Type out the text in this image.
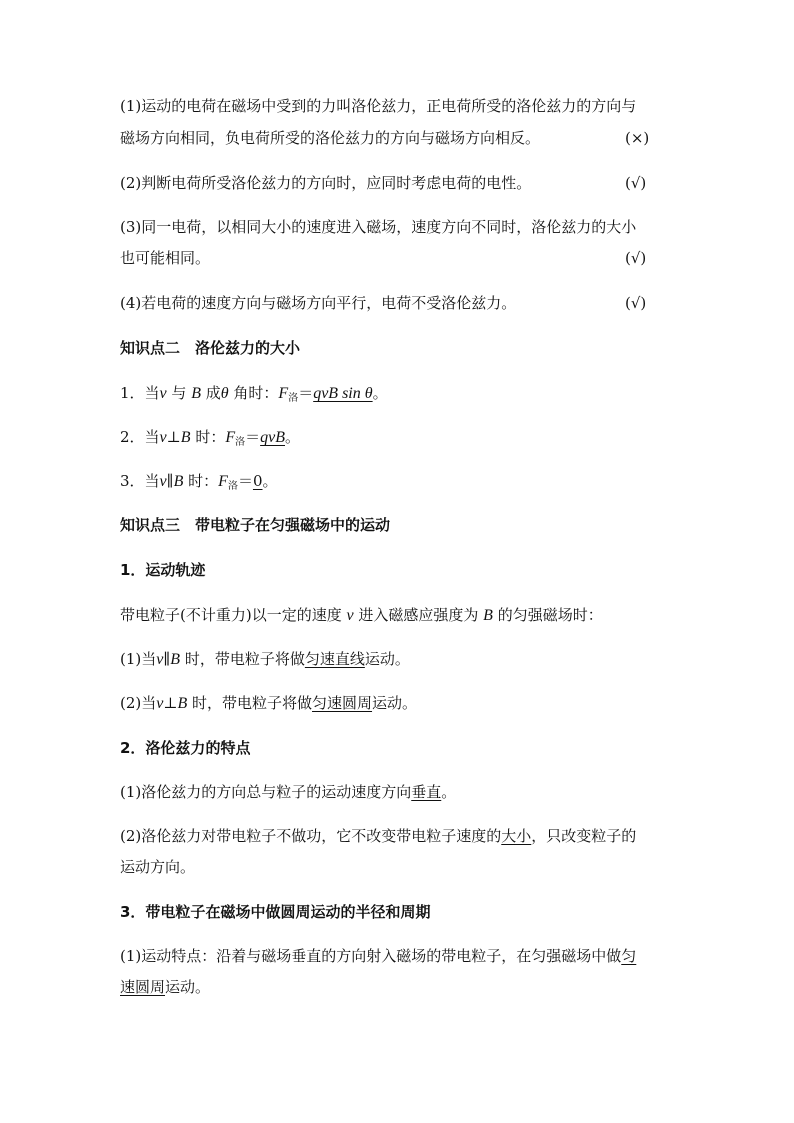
(1)运动的电荷在磁场中受到的力叫洛伦兹力，正电荷所受的洛伦兹力的方向与
磁场方向相同，负电荷所受的洛伦兹力的方向与磁场方向相反。	(×)
(2)判断电荷所受洛伦兹力的方向时，应同时考虑电荷的电性。	(√)
(3)同一电荷，以相同大小的速度进入磁场，速度方向不同时，洛伦兹力的大小
也可能相同。	(√)
(4)若电荷的速度方向与磁场方向平行，电荷不受洛伦兹力。	(√)
知识点二　洛伦兹力的大小
1．当v 与 B 成θ 角时：$F_洛=qvB$ sin θ。
2．当v⊥B 时：$F_洛=qvB$。
3．当v∥B 时：$F_洛=0$。
知识点三　带电粒子在匀强磁场中的运动
1．运动轨迹
带电粒子(不计重力)以一定的速度 v 进入磁感应强度为 B 的匀强磁场时：
(1)当v∥B 时，带电粒子将做匀速直线运动。
(2)当v⊥B 时，带电粒子将做匀速圆周运动。
2．洛伦兹力的特点
(1)洛伦兹力的方向总与粒子的运动速度方向垂直。
(2)洛伦兹力对带电粒子不做功，它不改变带电粒子速度的大小，只改变粒子的
运动方向。
3．带电粒子在磁场中做圆周运动的半径和周期
(1)运动特点：沿着与磁场垂直的方向射入磁场的带电粒子，在匀强磁场中做匀
速圆周运动。
